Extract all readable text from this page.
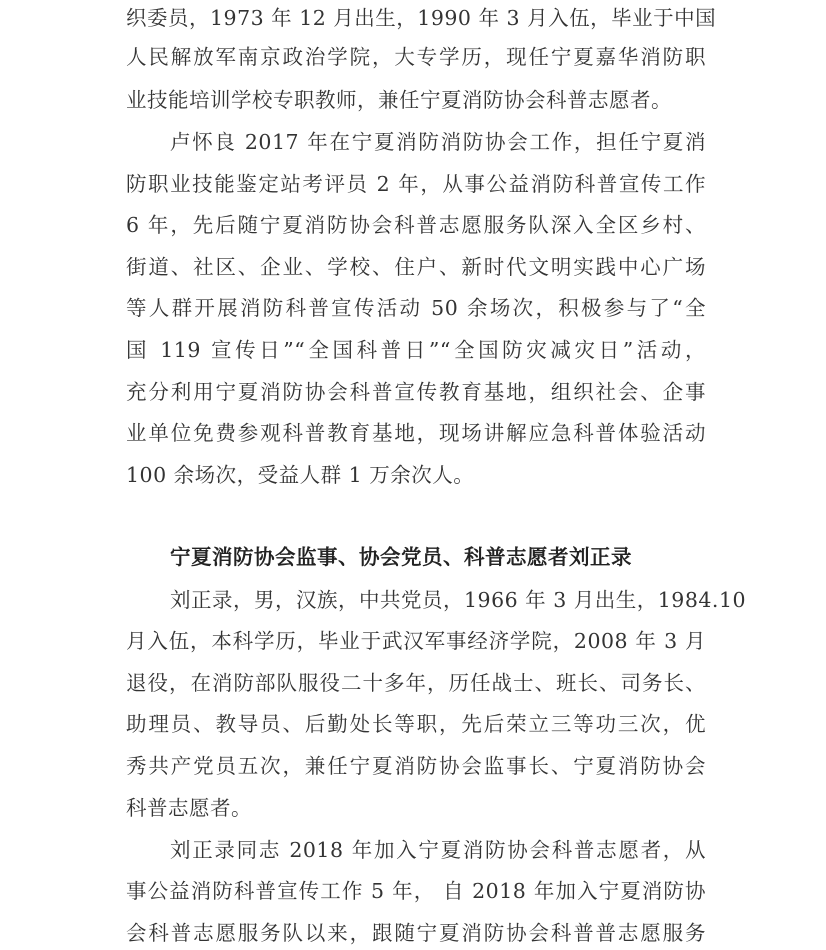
织委员，1973 年 12 月出生，1990 年 3 月入伍，毕业于中国
人民解放军南京政治学院，大专学历，现任宁夏嘉华消防职
业技能培训学校专职教师，兼任宁夏消防协会科普志愿者。
卢怀良 2017 年在宁夏消防消防协会工作，担任宁夏消
防职业技能鉴定站考评员 2 年，从事公益消防科普宣传工作
6 年，先后随宁夏消防协会科普志愿服务队深入全区乡村、
街道、社区、企业、学校、住户、新时代文明实践中心广场
等人群开展消防科普宣传活动 50 余场次，积极参与了“全
国 119 宣传日”“全国科普日”“全国防灾减灾日”活动，
充分利用宁夏消防协会科普宣传教育基地，组织社会、企事
业单位免费参观科普教育基地，现场讲解应急科普体验活动
100 余场次，受益人群 1 万余次人。
宁夏消防协会监事、协会党员、科普志愿者刘正录
刘正录，男，汉族，中共党员，1966 年 3 月出生，1984.10
月入伍，本科学历，毕业于武汉军事经济学院，2008 年 3 月
退役，在消防部队服役二十多年，历任战士、班长、司务长、
助理员、教导员、后勤处长等职，先后荣立三等功三次，优
秀共产党员五次，兼任宁夏消防协会监事长、宁夏消防协会
科普志愿者。
刘正录同志 2018 年加入宁夏消防协会科普志愿者，从
事公益消防科普宣传工作 5 年， 自 2018 年加入宁夏消防协
会科普志愿服务队以来，跟随宁夏消防协会科普普志愿服务
